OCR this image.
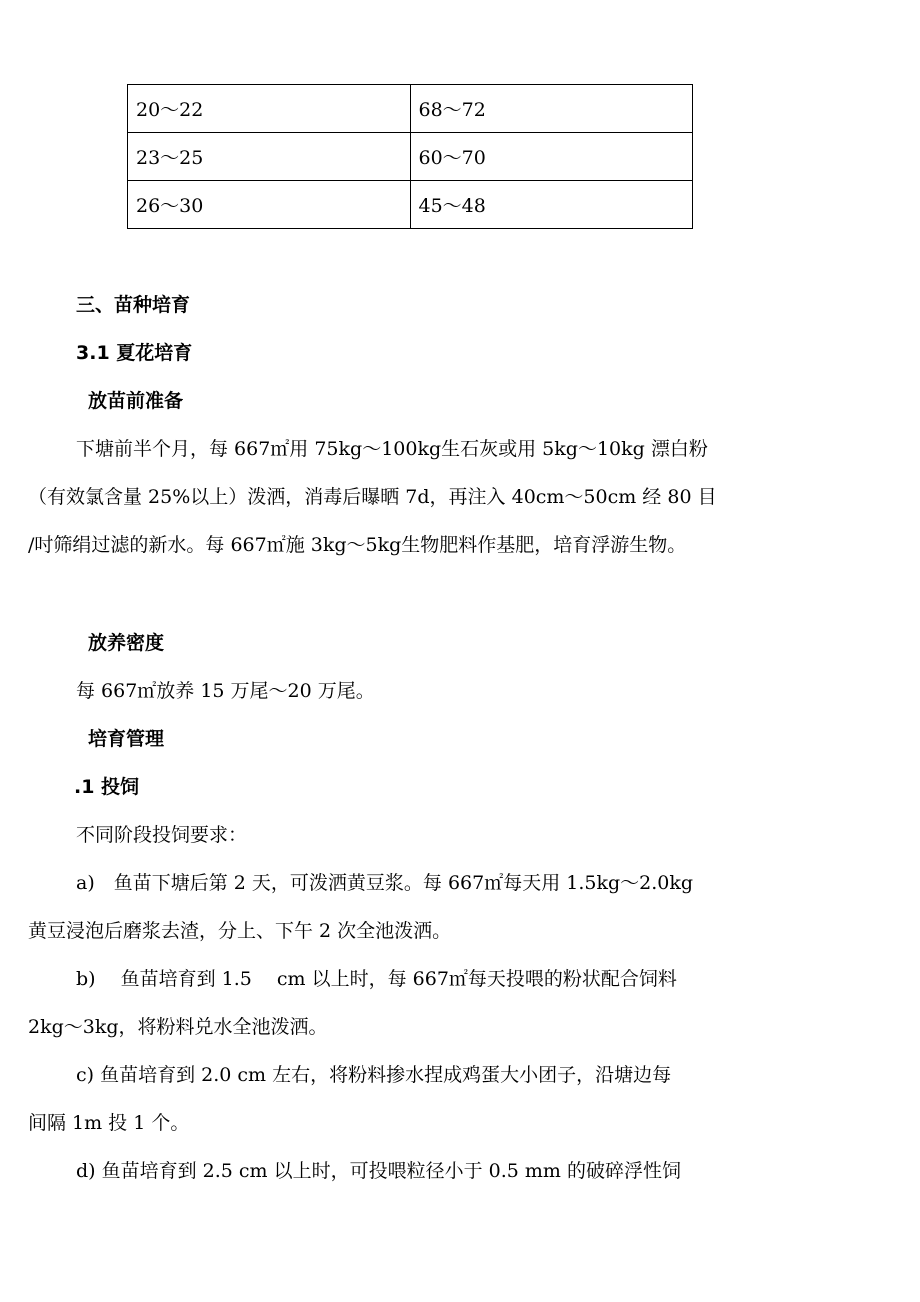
20～22	68～72
23～25	60～70
26～30	45～48
三、苗种培育
3.1 夏花培育
放苗前准备
下塘前半个月，每 667㎡用 75kg～100kg生石灰或用 5kg～10kg 漂白粉
（有效氯含量 25%以上）泼洒，消毒后曝晒 7d，再注入 40cm～50cm 经 80 目
/吋筛绢过滤的新水。每 667㎡施 3kg～5kg生物肥料作基肥，培育浮游生物。
放养密度
每 667㎡放养 15 万尾～20 万尾。
培育管理
.1 投饲
不同阶段投饲要求：
a)　鱼苗下塘后第 2 天，可泼洒黄豆浆。每 667㎡每天用 1.5kg～2.0kg
黄豆浸泡后磨浆去渣，分上、下午 2 次全池泼洒。
b)　 鱼苗培育到 1.5　 cm 以上时，每 667㎡每天投喂的粉状配合饲料
2kg～3kg，将粉料兑水全池泼洒。
c) 鱼苗培育到 2.0 cm 左右，将粉料掺水捏成鸡蛋大小团子，沿塘边每
间隔 1m 投 1 个。
d) 鱼苗培育到 2.5 cm 以上时，可投喂粒径小于 0.5 mm 的破碎浮性饲
